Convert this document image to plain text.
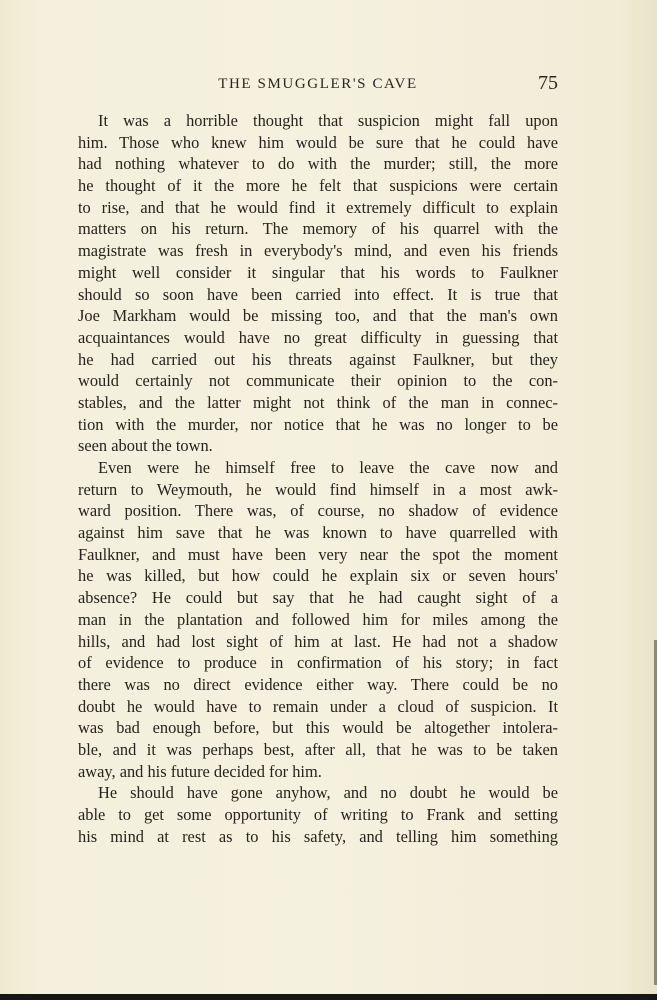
THE SMUGGLER'S CAVE	75
It was a horrible thought that suspicion might fall upon
him. Those who knew him would be sure that he could have
had nothing whatever to do with the murder; still, the more
he thought of it the more he felt that suspicions were certain
to rise, and that he would find it extremely difficult to explain
matters on his return. The memory of his quarrel with the
magistrate was fresh in everybody's mind, and even his friends
might well consider it singular that his words to Faulkner
should so soon have been carried into effect. It is true that
Joe Markham would be missing too, and that the man's own
acquaintances would have no great difficulty in guessing that
he had carried out his threats against Faulkner, but they
would certainly not communicate their opinion to the con-
stables, and the latter might not think of the man in connec-
tion with the murder, nor notice that he was no longer to be
seen about the town.
Even were he himself free to leave the cave now and
return to Weymouth, he would find himself in a most awk-
ward position. There was, of course, no shadow of evidence
against him save that he was known to have quarrelled with
Faulkner, and must have been very near the spot the moment
he was killed, but how could he explain six or seven hours'
absence? He could but say that he had caught sight of a
man in the plantation and followed him for miles among the
hills, and had lost sight of him at last. He had not a shadow
of evidence to produce in confirmation of his story; in fact
there was no direct evidence either way. There could be no
doubt he would have to remain under a cloud of suspicion. It
was bad enough before, but this would be altogether intolera-
ble, and it was perhaps best, after all, that he was to be taken
away, and his future decided for him.
He should have gone anyhow, and no doubt he would be
able to get some opportunity of writing to Frank and setting
his mind at rest as to his safety, and telling him something
